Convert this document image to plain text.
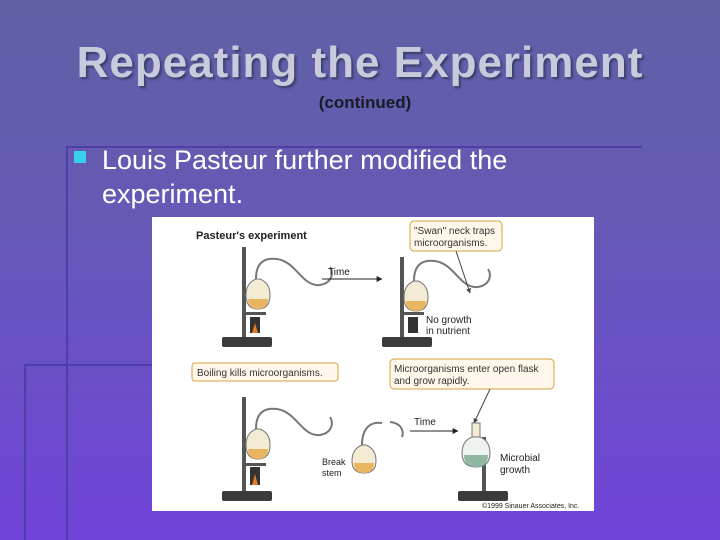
Repeating the Experiment
(continued)
Louis Pasteur further modified the experiment.
Pasteur's experiment
Time
"Swan" neck traps
microorganisms.
No growth
in nutrient
Boiling kills microorganisms.	Microorganisms enter open flask
and grow rapidly.
Break
stem
Time
Microbial
growth
©1999 Sinauer Associates, Inc.
